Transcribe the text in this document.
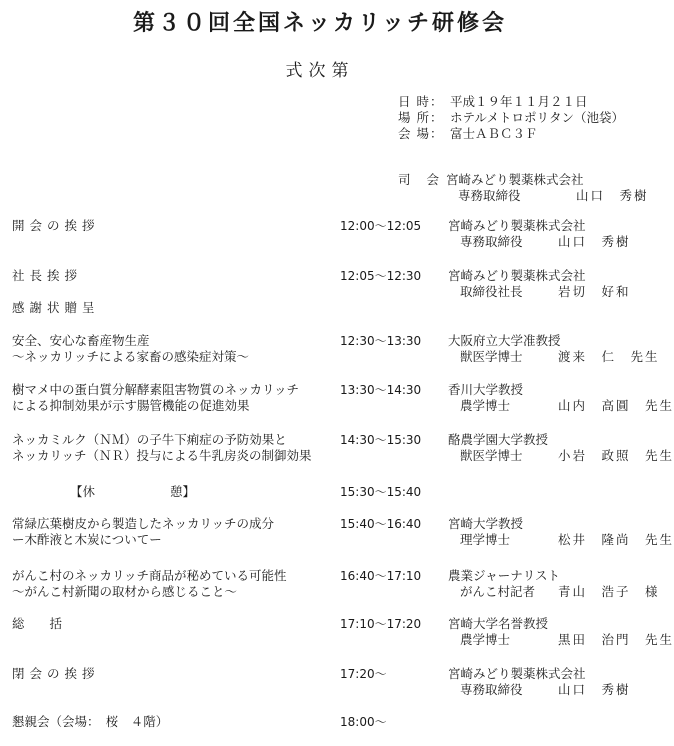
第３０回全国ネッカリッチ研修会
式次第
日 時： 平成１９年１１月２１日
場 所： ホテルメトロポリタン（池袋）
会 場： 富士ＡＢＣ３Ｆ
司 会宮崎みどり製薬株式会社
専務取締役	山口　秀樹
開会の挨拶	12:00〜12:05 宮崎みどり製薬株式会社
専務取締役	山口　秀樹
社長挨拶	12:05〜12:30 宮崎みどり製薬株式会社
取締役社長	岩切　好和
感謝状贈呈
安全、安心な畜産物生産
〜ネッカリッチによる家畜の感染症対策〜
12:30〜13:30 大阪府立大学准教授
獣医学博士	渡来　仁　先生
樹マメ中の蛋白質分解酵素阻害物質のネッカリッチ
による抑制効果が示す腸管機能の促進効果
13:30〜14:30 香川大学教授
農学博士	山内　高圓　先生
ネッカミルク（ＮＭ）の子牛下痢症の予防効果と
ネッカリッチ（ＮＲ）投与による牛乳房炎の制御効果
14:30〜15:30 酪農学園大学教授
獣医学博士	小岩　政照　先生
【休　　　　　　憩】	15:30〜15:40
常緑広葉樹皮から製造したネッカリッチの成分
ー木酢液と木炭についてー
15:40〜16:40 宮崎大学教授
理学博士	松井　隆尚　先生
がんこ村のネッカリッチ商品が秘めている可能性
〜がんこ村新聞の取材から感じること〜
16:40〜17:10 農業ジャーナリスト
がんこ村記者	青山　浩子　様
総　　括	17:10〜17:20 宮崎大学名誉教授
農学博士	黒田　治門　先生
閉会の挨拶	17:20〜	宮崎みどり製薬株式会社
専務取締役	山口　秀樹
懇親会（会場：　桜　４階）	18:00〜
